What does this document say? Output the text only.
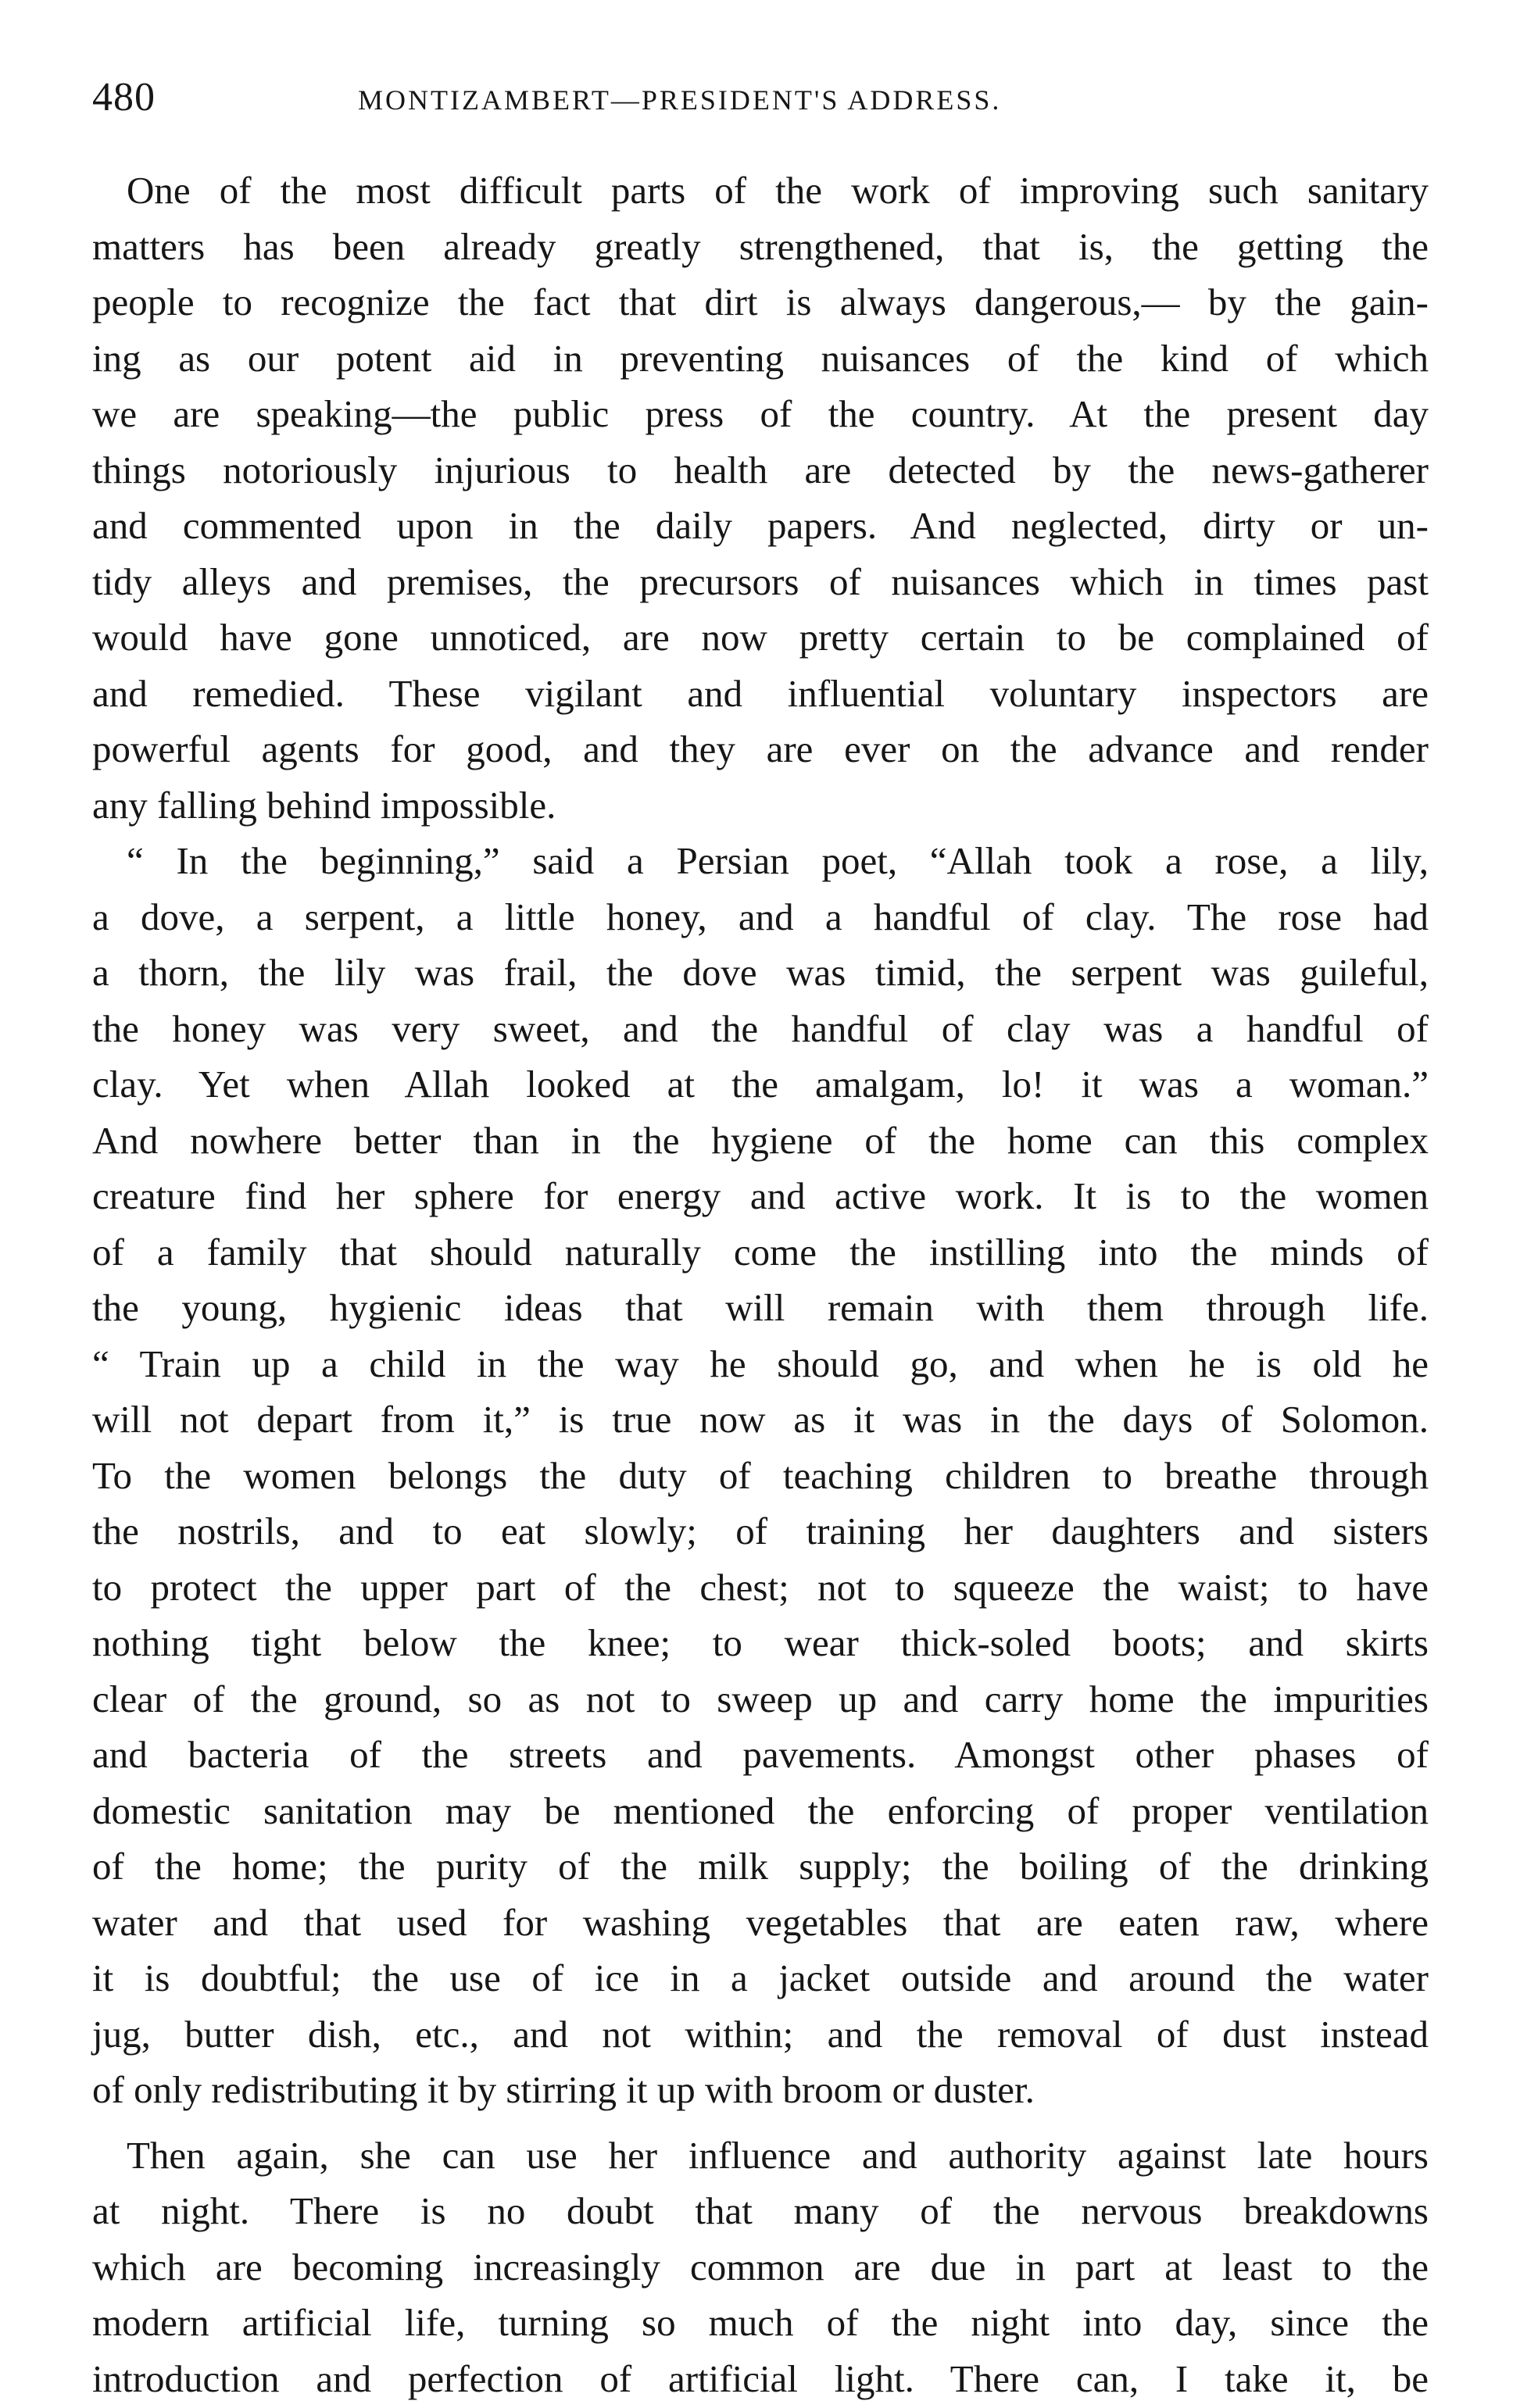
480	MONTIZAMBERT—PRESIDENT'S ADDRESS.
One of the most difficult parts of the work of improving such sanitary
matters has been already greatly strengthened, that is, the getting the
people to recognize the fact that dirt is always dangerous,— by the gain-
ing as our potent aid in preventing nuisances of the kind of which
we are speaking—the public press of the country. At the present day
things notoriously injurious to health are detected by the news-gatherer
and commented upon in the daily papers. And neglected, dirty or un-
tidy alleys and premises, the precursors of nuisances which in times past
would have gone unnoticed, are now pretty certain to be complained of
and remedied. These vigilant and influential voluntary inspectors are
powerful agents for good, and they are ever on the advance and render
any falling behind impossible.
“ In the beginning,” said a Persian poet, “Allah took a rose, a lily,
a dove, a serpent, a little honey, and a handful of clay. The rose had
a thorn, the lily was frail, the dove was timid, the serpent was guileful,
the honey was very sweet, and the handful of clay was a handful of
clay. Yet when Allah looked at the amalgam, lo! it was a woman.”
And nowhere better than in the hygiene of the home can this complex
creature find her sphere for energy and active work. It is to the women
of a family that should naturally come the instilling into the minds of
the young, hygienic ideas that will remain with them through life.
“ Train up a child in the way he should go, and when he is old he
will not depart from it,” is true now as it was in the days of Solomon.
To the women belongs the duty of teaching children to breathe through
the nostrils, and to eat slowly; of training her daughters and sisters
to protect the upper part of the chest; not to squeeze the waist; to have
nothing tight below the knee; to wear thick-soled boots; and skirts
clear of the ground, so as not to sweep up and carry home the impurities
and bacteria of the streets and pavements. Amongst other phases of
domestic sanitation may be mentioned the enforcing of proper ventilation
of the home; the purity of the milk supply; the boiling of the drinking
water and that used for washing vegetables that are eaten raw, where
it is doubtful; the use of ice in a jacket outside and around the water
jug, butter dish, etc., and not within; and the removal of dust instead
of only redistributing it by stirring it up with broom or duster.
Then again, she can use her influence and authority against late hours
at night. There is no doubt that many of the nervous breakdowns
which are becoming increasingly common are due in part at least to the
modern artificial life, turning so much of the night into day, since the
introduction and perfection of artificial light. There can, I take it, be
